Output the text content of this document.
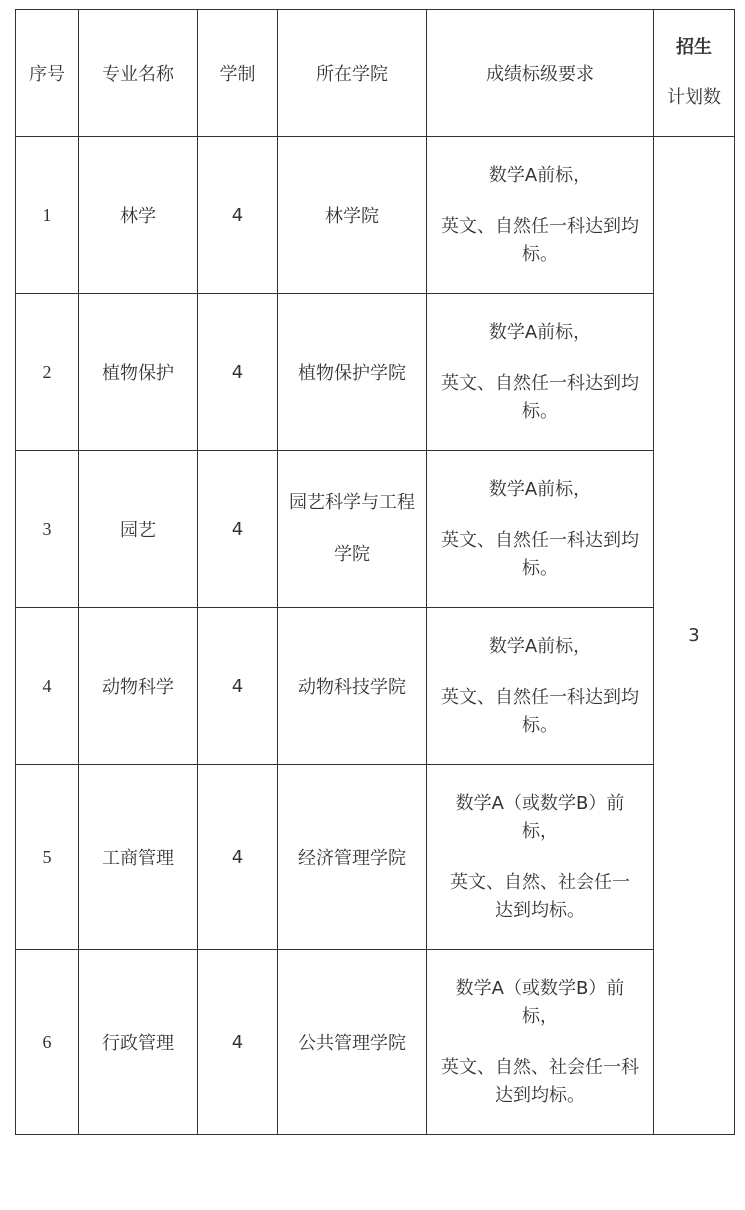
序号	专业名称	学制	所在学院	成绩标级要求	招生
计划数

1	林学	4	林学院	数学A前标，
英文、自然任一科达到均
标。	3
2	植物保护	4	植物保护学院	数学A前标，
英文、自然任一科达到均
标。	

3	园艺	4	园艺科学与工程
学院	数学A前标，
英文、自然任一科达到均
标。	

4	动物科学	4	动物科技学院	数学A前标，
英文、自然任一科达到均
标。	

5	工商管理	4	经济管理学院	数学A（或数学B）前
标，
英文、自然、社会任一
达到均标。	

6	行政管理	4	公共管理学院	数学A（或数学B）前
标，
英文、自然、社会任一科
达到均标。	
